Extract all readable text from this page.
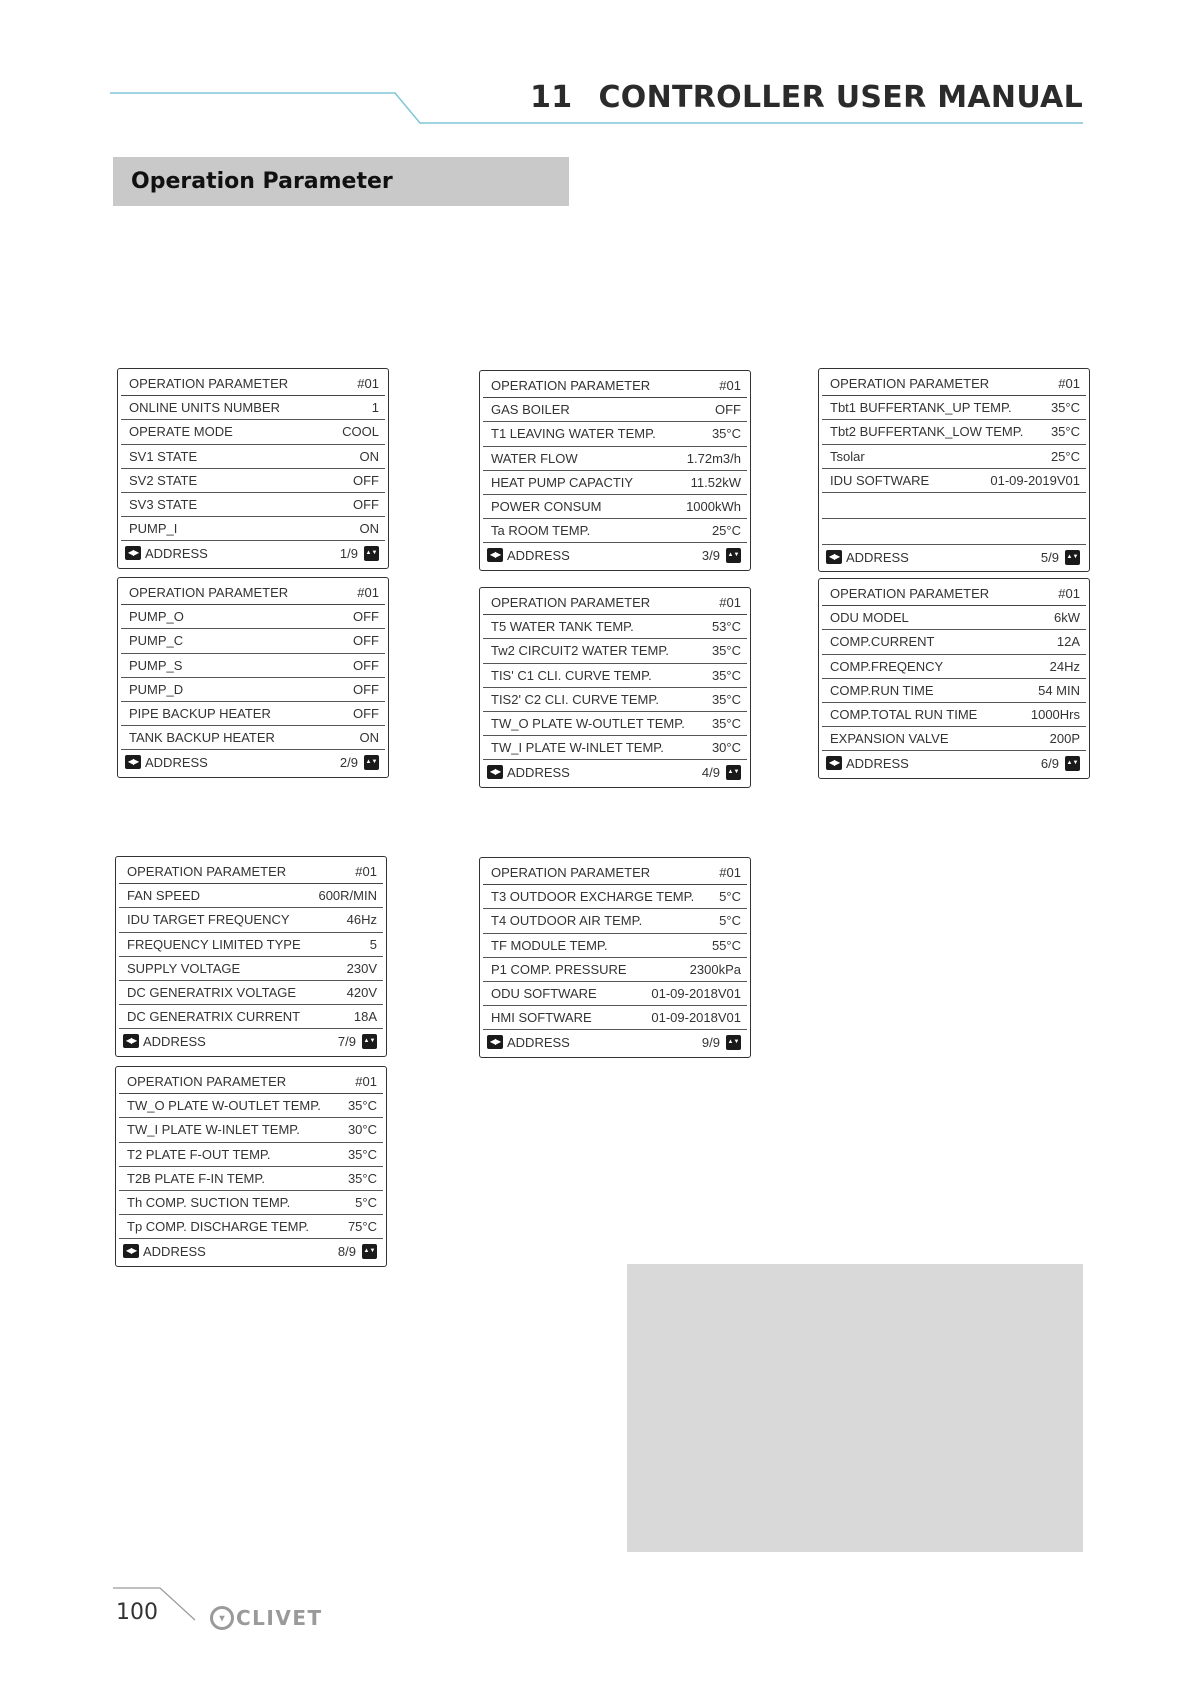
11 CONTROLLER USER MANUAL
Operation Parameter
OPERATION PARAMETER	#01
ONLINE UNITS NUMBER	1
OPERATE MODE	COOL
SV1 STATE	ON
SV2 STATE	OFF
SV3 STATE	OFF
PUMP_I	ON
◀▶ ADDRESS	1/9 ▲▼
OPERATION PARAMETER	#01
PUMP_O	OFF
PUMP_C	OFF
PUMP_S	OFF
PUMP_D	OFF
PIPE BACKUP HEATER	OFF
TANK BACKUP HEATER	ON
◀▶ ADDRESS	2/9 ▲▼
OPERATION PARAMETER	#01
GAS BOILER	OFF
T1 LEAVING WATER TEMP.	35°C
WATER FLOW	1.72m3/h
HEAT PUMP CAPACTIY	11.52kW
POWER CONSUM	1000kWh
Ta ROOM TEMP.	25°C
◀▶ ADDRESS	3/9 ▲▼
OPERATION PARAMETER	#01
T5 WATER TANK TEMP.	53°C
Tw2 CIRCUIT2 WATER TEMP.	35°C
TIS' C1 CLI. CURVE TEMP.	35°C
TIS2' C2 CLI. CURVE TEMP.	35°C
TW_O PLATE W-OUTLET TEMP. 35°C
TW_I PLATE W-INLET TEMP.	30°C
◀▶ ADDRESS	4/9 ▲▼
OPERATION PARAMETER	#01
Tbt1 BUFFERTANK_UP TEMP.	35°C
Tbt2 BUFFERTANK_LOW TEMP. 35°C
Tsolar	25°C
IDU SOFTWARE	01-09-2019V01
◀▶ ADDRESS	5/9 ▲▼
OPERATION PARAMETER	#01
ODU MODEL	6kW
COMP.CURRENT	12A
COMP.FREQENCY	24Hz
COMP.RUN TIME	54 MIN
COMP.TOTAL RUN TIME	1000Hrs
EXPANSION VALVE	200P
◀▶ ADDRESS	6/9 ▲▼
OPERATION PARAMETER	#01
FAN SPEED	600R/MIN
IDU TARGET FREQUENCY	46Hz
FREQUENCY LIMITED TYPE	5
SUPPLY VOLTAGE	230V
DC GENERATRIX VOLTAGE	420V
DC GENERATRIX CURRENT	18A
◀▶ ADDRESS	7/9 ▲▼
OPERATION PARAMETER	#01
TW_O PLATE W-OUTLET TEMP. 35°C
TW_I PLATE W-INLET TEMP.	30°C
T2 PLATE F-OUT TEMP.	35°C
T2B PLATE F-IN TEMP.	35°C
Th COMP. SUCTION TEMP.	5°C
Tp COMP. DISCHARGE TEMP.	75°C
◀▶ ADDRESS	8/9 ▲▼
OPERATION PARAMETER	#01
T3 OUTDOOR EXCHARGE TEMP. 5°C
T4 OUTDOOR AIR TEMP.	5°C
TF MODULE TEMP.	55°C
P1 COMP. PRESSURE	2300kPa
ODU SOFTWARE	01-09-2018V01
HMI SOFTWARE	01-09-2018V01
◀▶ ADDRESS	9/9 ▲▼
100	▾ CLIVET
